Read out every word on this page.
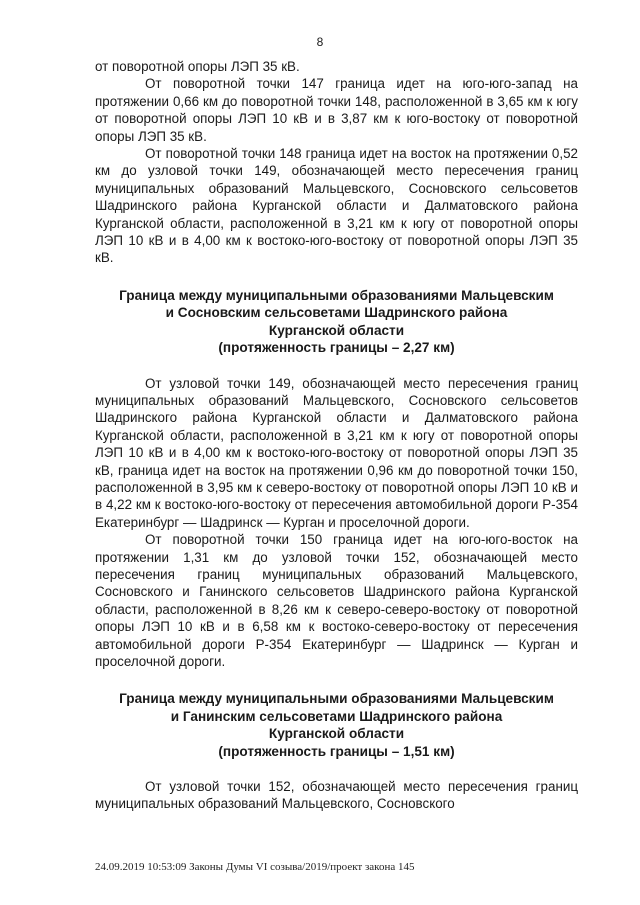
8

от поворотной опоры ЛЭП 35 кВ.

От поворотной точки 147 граница идет на юго-юго-запад на протяжении 0,66 км до поворотной точки 148, расположенной в 3,65 км к югу от поворотной опоры ЛЭП 10 кВ и в 3,87 км к юго-востоку от поворотной опоры ЛЭП 35 кВ.

От поворотной точки 148 граница идет на восток на протяжении 0,52 км до узловой точки 149, обозначающей место пересечения границ муниципальных образований Мальцевского, Сосновского сельсоветов Шадринского района Курганской области и Далматовского района Курганской области, расположенной в 3,21 км к югу от поворотной опоры ЛЭП 10 кВ и в 4,00 км к востоко-юго-востоку от поворотной опоры ЛЭП 35 кВ.

Граница между муниципальными образованиями Мальцевским
и Сосновским сельсоветами Шадринского района
Курганской области
(протяженность границы – 2,27 км)

От узловой точки 149, обозначающей место пересечения границ муниципальных образований Мальцевского, Сосновского сельсоветов Шадринского района Курганской области и Далматовского района Курганской области, расположенной в 3,21 км к югу от поворотной опоры ЛЭП 10 кВ и в 4,00 км к востоко-юго-востоку от поворотной опоры ЛЭП 35 кВ, граница идет на восток на протяжении 0,96 км до поворотной точки 150, расположенной в 3,95 км к северо-востоку от поворотной опоры ЛЭП 10 кВ и в 4,22 км к востоко-юго-востоку от пересечения автомобильной дороги Р-354 Екатеринбург — Шадринск — Курган и проселочной дороги.

От поворотной точки 150 граница идет на юго-юго-восток на протяжении 1,31 км до узловой точки 152, обозначающей место пересечения границ муниципальных образований Мальцевского, Сосновского и Ганинского сельсоветов Шадринского района Курганской области, расположенной в 8,26 км к северо-северо-востоку от поворотной опоры ЛЭП 10 кВ и в 6,58 км к востоко-северо-востоку от пересечения автомобильной дороги Р-354 Екатеринбург — Шадринск — Курган и проселочной дороги.

Граница между муниципальными образованиями Мальцевским
и Ганинским сельсоветами Шадринского района
Курганской области
(протяженность границы – 1,51 км)

От узловой точки 152, обозначающей место пересечения границ муниципальных образований Мальцевского, Сосновского

24.09.2019 10:53:09 Законы Думы VI созыва/2019/проект закона 145
